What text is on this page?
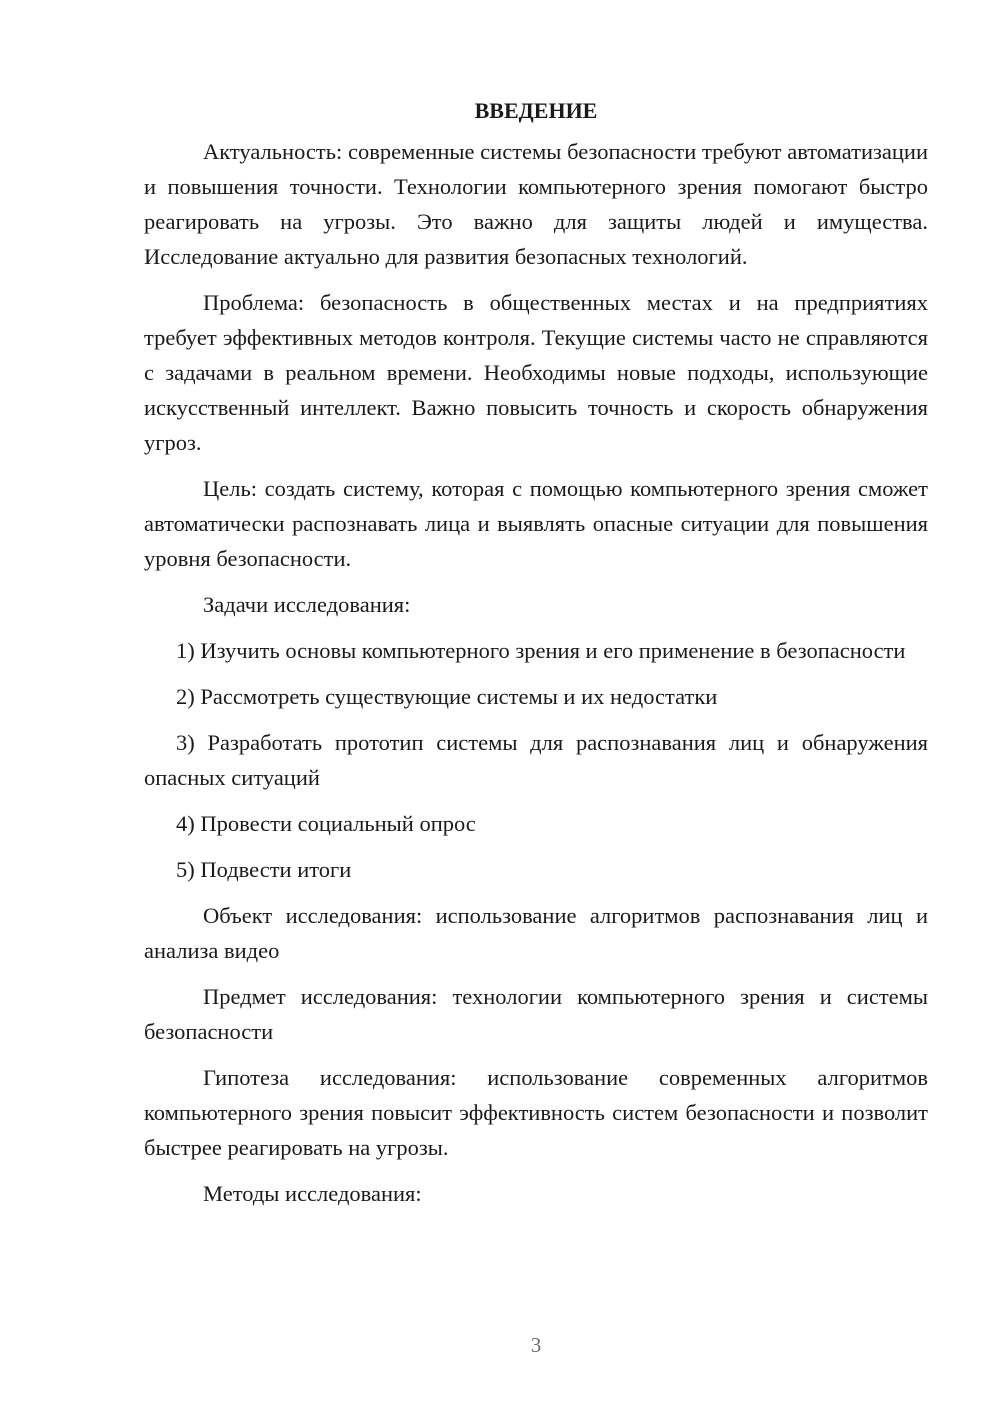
ВВЕДЕНИЕ

Актуальность: современные системы безопасности требуют автоматизации и повышения точности. Технологии компьютерного зрения помогают быстро реагировать на угрозы. Это важно для защиты людей и имущества. Исследование актуально для развития безопасных технологий.

Проблема: безопасность в общественных местах и на предприятиях требует эффективных методов контроля. Текущие системы часто не справляются с задачами в реальном времени. Необходимы новые подходы, использующие искусственный интеллект. Важно повысить точность и скорость обнаружения угроз.

Цель: создать систему, которая с помощью компьютерного зрения сможет автоматически распознавать лица и выявлять опасные ситуации для повышения уровня безопасности.

Задачи исследования:

1) Изучить основы компьютерного зрения и его применение в безопасности

2) Рассмотреть существующие системы и их недостатки

3) Разработать прототип системы для распознавания лиц и обнаружения опасных ситуаций

4) Провести социальный опрос

5) Подвести итоги

Объект исследования: использование алгоритмов распознавания лиц и анализа видео

Предмет исследования: технологии компьютерного зрения и системы безопасности

Гипотеза исследования: использование современных алгоритмов компьютерного зрения повысит эффективность систем безопасности и позволит быстрее реагировать на угрозы.

Методы исследования:

3
